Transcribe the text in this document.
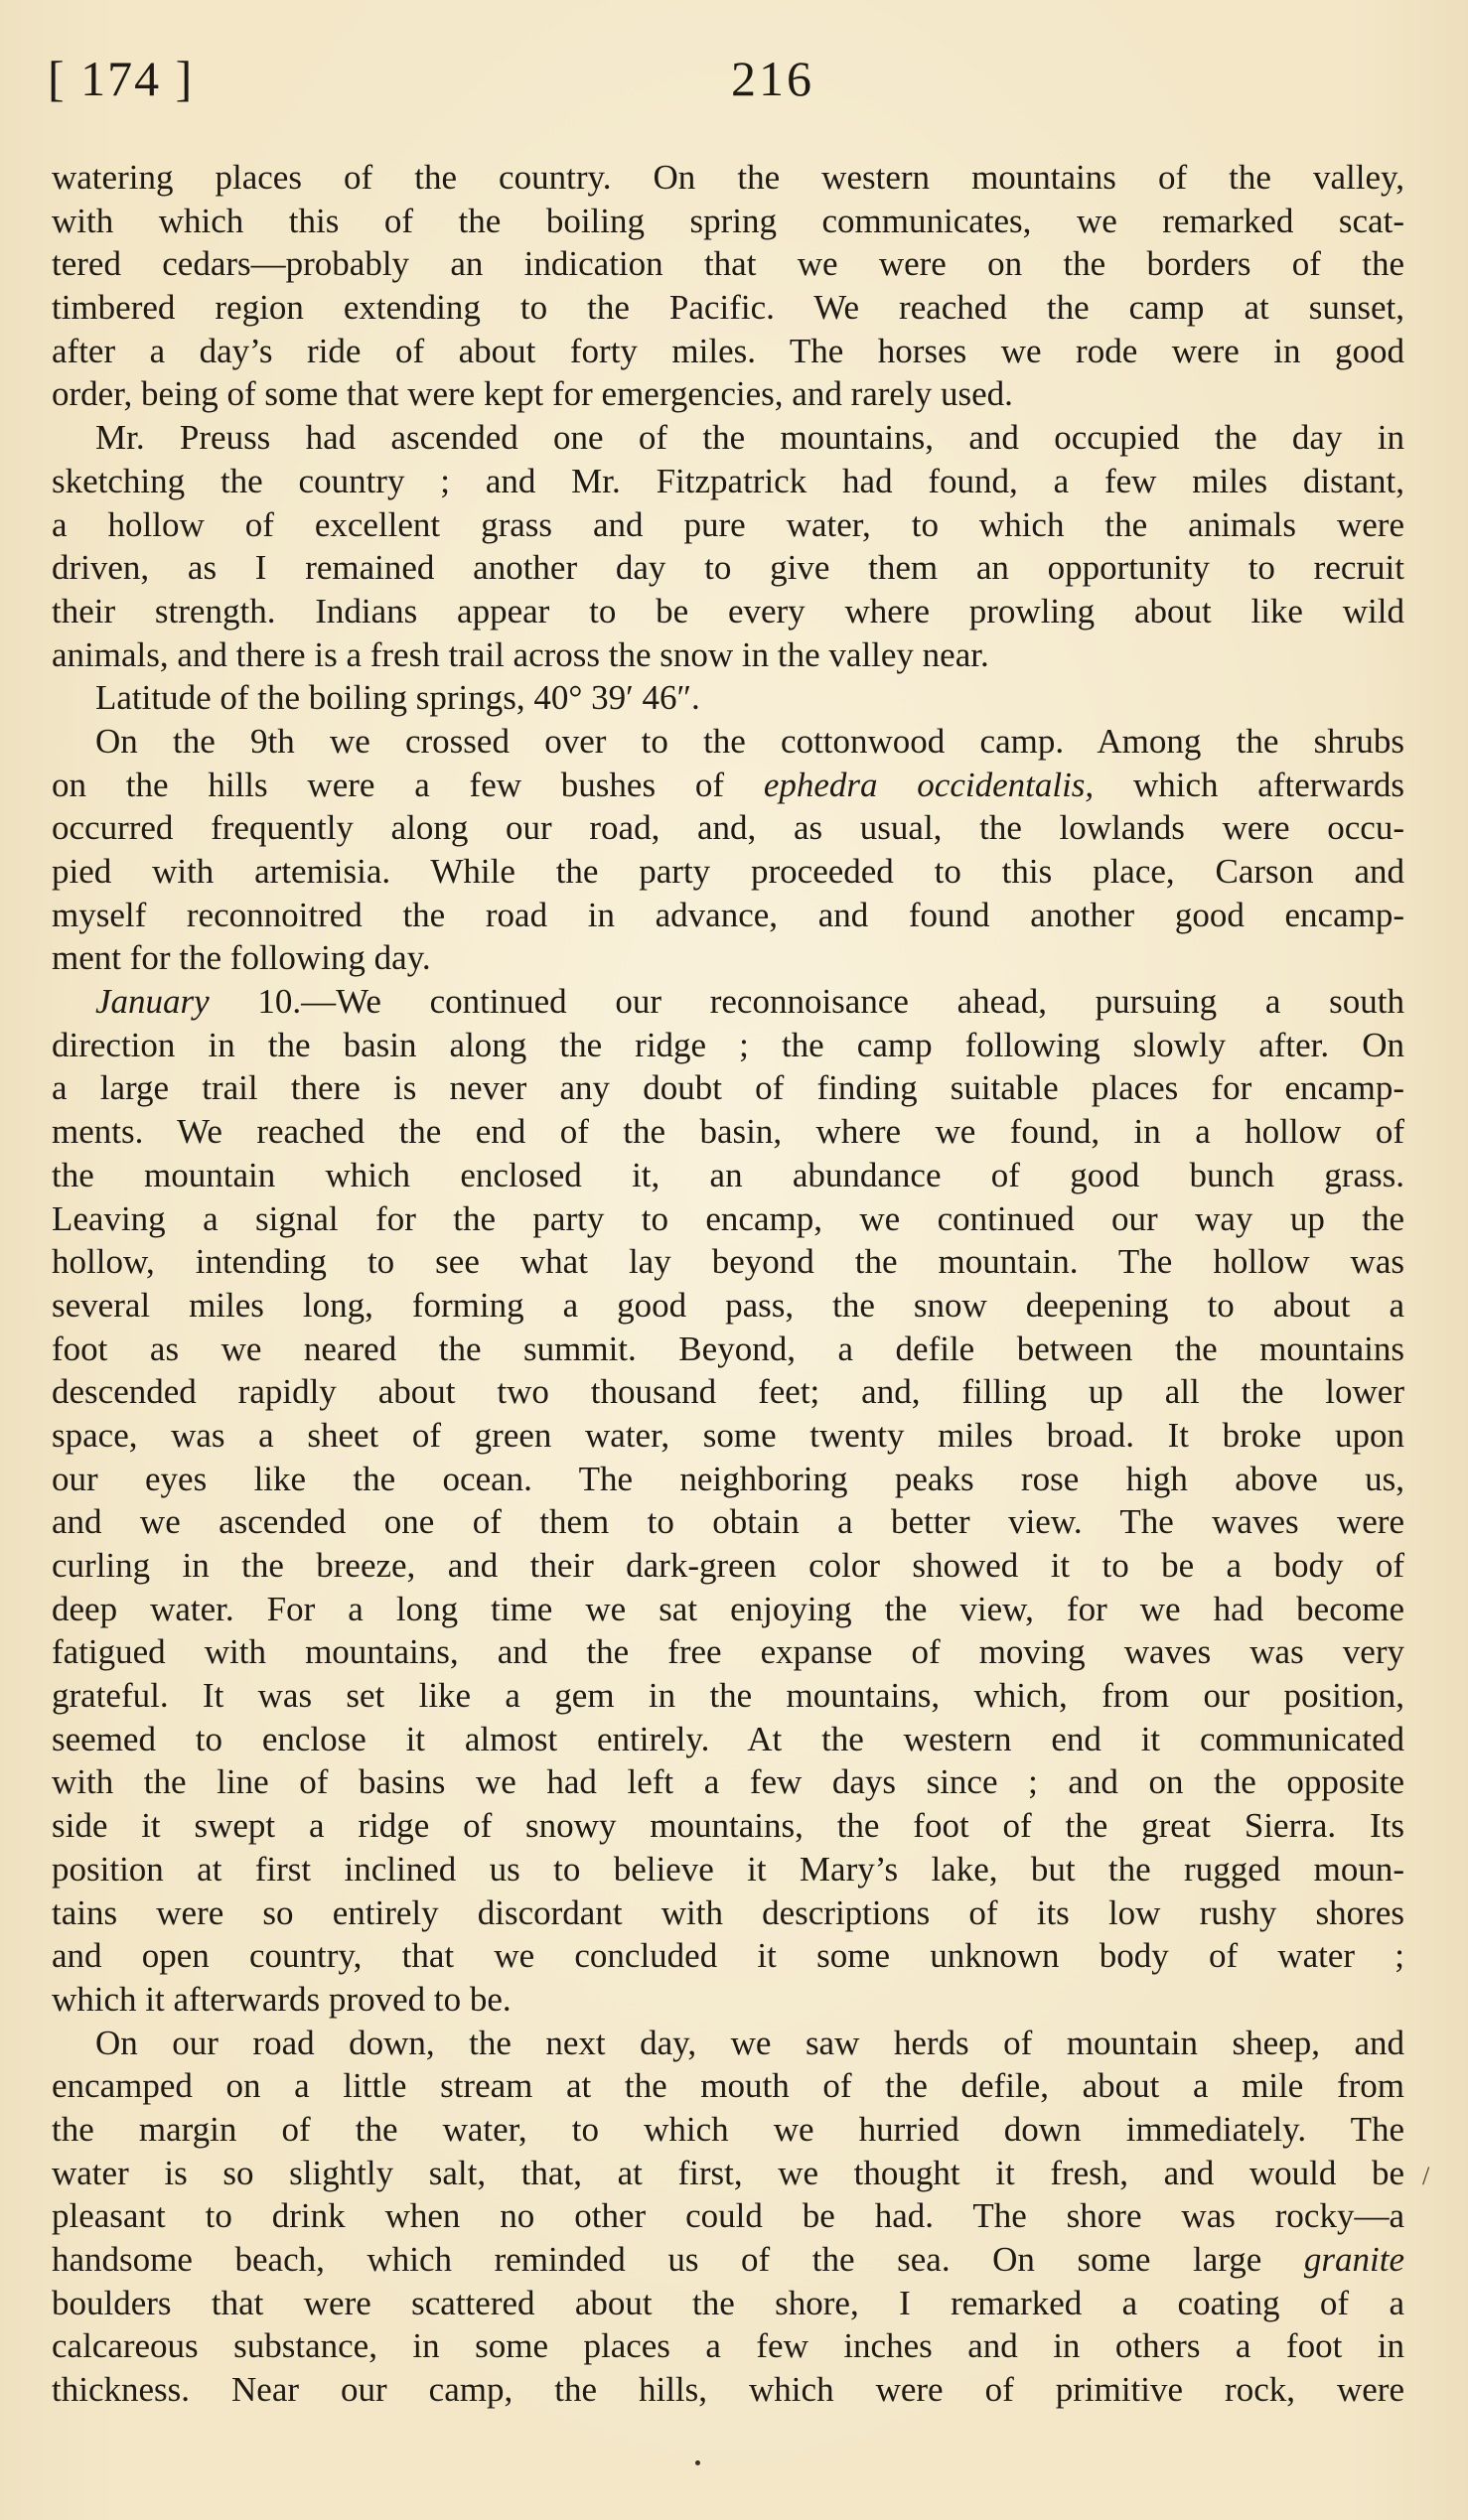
[ 174 ]	216
watering places of the country. On the western mountains of the valley,
with which this of the boiling spring communicates, we remarked scat-
tered cedars—probably an indication that we were on the borders of the
timbered region extending to the Pacific. We reached the camp at sunset,
after a day’s ride of about forty miles. The horses we rode were in good
order, being of some that were kept for emergencies, and rarely used.
Mr. Preuss had ascended one of the mountains, and occupied the day in
sketching the country ; and Mr. Fitzpatrick had found, a few miles distant,
a hollow of excellent grass and pure water, to which the animals were
driven, as I remained another day to give them an opportunity to recruit
their strength. Indians appear to be every where prowling about like wild
animals, and there is a fresh trail across the snow in the valley near.
Latitude of the boiling springs, 40° 39′ 46″.
On the 9th we crossed over to the cottonwood camp. Among the shrubs
on the hills were a few bushes of ephedra occidentalis, which afterwards
occurred frequently along our road, and, as usual, the lowlands were occu-
pied with artemisia. While the party proceeded to this place, Carson and
myself reconnoitred the road in advance, and found another good encamp-
ment for the following day.
January 10.—We continued our reconnoisance ahead, pursuing a south
direction in the basin along the ridge ; the camp following slowly after. On
a large trail there is never any doubt of finding suitable places for encamp-
ments. We reached the end of the basin, where we found, in a hollow of
the mountain which enclosed it, an abundance of good bunch grass.
Leaving a signal for the party to encamp, we continued our way up the
hollow, intending to see what lay beyond the mountain. The hollow was
several miles long, forming a good pass, the snow deepening to about a
foot as we neared the summit. Beyond, a defile between the mountains
descended rapidly about two thousand feet; and, filling up all the lower
space, was a sheet of green water, some twenty miles broad. It broke upon
our eyes like the ocean. The neighboring peaks rose high above us,
and we ascended one of them to obtain a better view. The waves were
curling in the breeze, and their dark-green color showed it to be a body of
deep water. For a long time we sat enjoying the view, for we had become
fatigued with mountains, and the free expanse of moving waves was very
grateful. It was set like a gem in the mountains, which, from our position,
seemed to enclose it almost entirely. At the western end it communicated
with the line of basins we had left a few days since ; and on the opposite
side it swept a ridge of snowy mountains, the foot of the great Sierra. Its
position at first inclined us to believe it Mary’s lake, but the rugged moun-
tains were so entirely discordant with descriptions of its low rushy shores
and open country, that we concluded it some unknown body of water ;
which it afterwards proved to be.
On our road down, the next day, we saw herds of mountain sheep, and
encamped on a little stream at the mouth of the defile, about a mile from
the margin of the water, to which we hurried down immediately. The
water is so slightly salt, that, at first, we thought it fresh, and would be
pleasant to drink when no other could be had. The shore was rocky—a
handsome beach, which reminded us of the sea. On some large granite
boulders that were scattered about the shore, I remarked a coating of a
calcareous substance, in some places a few inches and in others a foot in
thickness. Near our camp, the hills, which were of primitive rock, were
/
